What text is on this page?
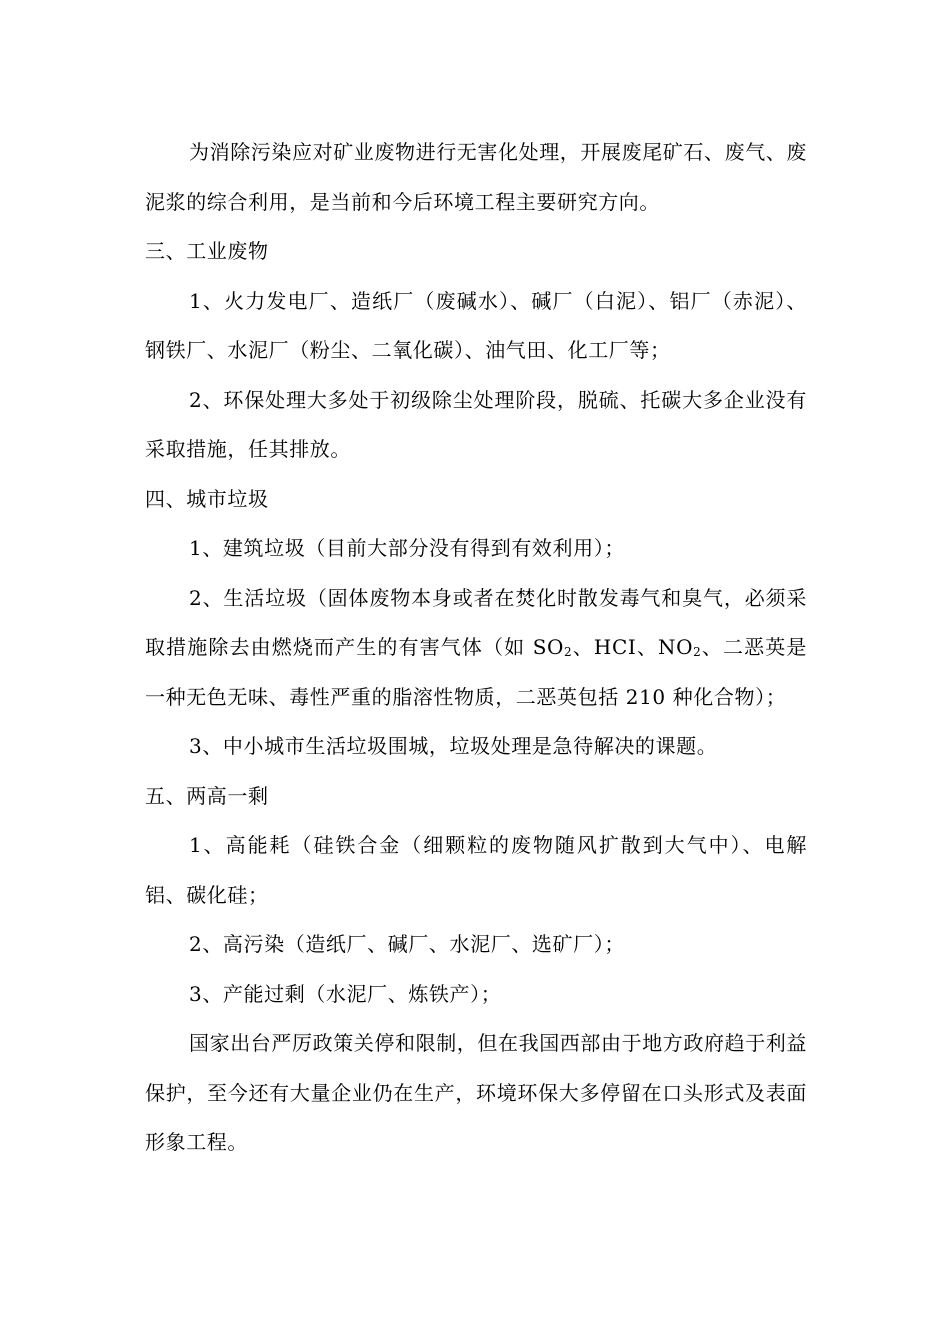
为消除污染应对矿业废物进行无害化处理，开展废尾矿石、废气、废泥浆的综合利用，是当前和今后环境工程主要研究方向。

三、工业废物

1、火力发电厂、造纸厂（废碱水）、碱厂（白泥）、铝厂（赤泥）、钢铁厂、水泥厂（粉尘、二氧化碳）、油气田、化工厂等；

2、环保处理大多处于初级除尘处理阶段，脱硫、托碳大多企业没有采取措施，任其排放。

四、城市垃圾

1、建筑垃圾（目前大部分没有得到有效利用）；

2、生活垃圾（固体废物本身或者在焚化时散发毒气和臭气，必须采取措施除去由燃烧而产生的有害气体（如 $SO_2$、HCI、$NO_2$、二恶英是一种无色无味、毒性严重的脂溶性物质，二恶英包括 210 种化合物）；

3、中小城市生活垃圾围城，垃圾处理是急待解决的课题。

五、两高一剩

1、高能耗（硅铁合金（细颗粒的废物随风扩散到大气中）、电解铝、碳化硅；

2、高污染（造纸厂、碱厂、水泥厂、选矿厂）；

3、产能过剩（水泥厂、炼铁产）；

国家出台严厉政策关停和限制，但在我国西部由于地方政府趋于利益保护，至今还有大量企业仍在生产，环境环保大多停留在口头形式及表面形象工程。
